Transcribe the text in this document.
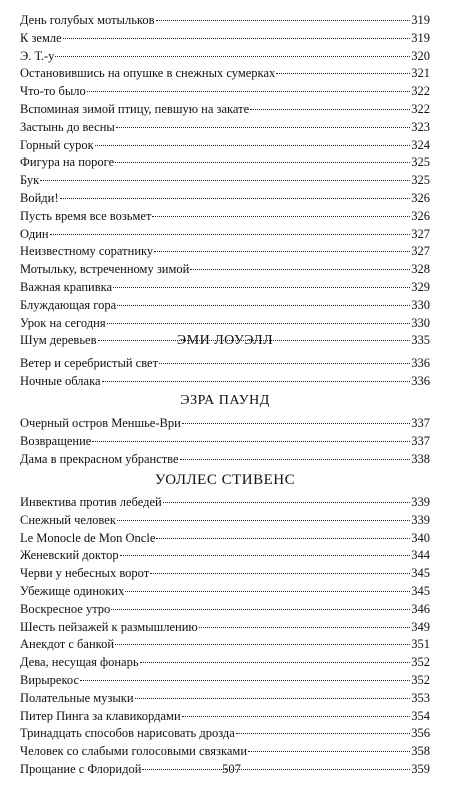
День голубых мотыльков	319
К земле	319
Э. Т.-у	320
Остановившись на опушке в снежных сумерках	321
Что-то было	322
Вспоминая зимой птицу, певшую на закате	322
Застынь до весны	323
Горный сурок	324
Фигура на пороге	325
Бук	325
Войди!	326
Пусть время все возьмет	326
Один	327
Неизвестному соратнику	327
Мотыльку, встреченному зимой	328
Важная крапивка	329
Блуждающая гора	330
Урок на сегодня	330
Шум деревьев	335
ЭМИ ЛОУЭЛЛ
Ветер и серебристый свет	336
Ночные облака	336
ЭЗРА ПАУНД
Очерный остров Меншье-Ври	337
Возвращение	337
Дама в прекрасном убранстве	338
УОЛЛЕС СТИВЕНС
Инвектива против лебедей	339
Снежный человек	339
Le Monocle de Mon Oncle	340
Женевский доктор	344
Черви у небесных ворот	345
Убежище одиноких	345
Воскресное утро	346
Шесть пейзажей к размышлению	349
Анекдот с банкой	351
Дева, несущая фонарь	352
Вирырекос	352
Полательные музыки	353
Питер Пинга за клавикордами	354
Тринадцать способов нарисовать дрозда	356
Человек со слабыми голосовыми связками	358
Прощание с Флоридой	359
507
